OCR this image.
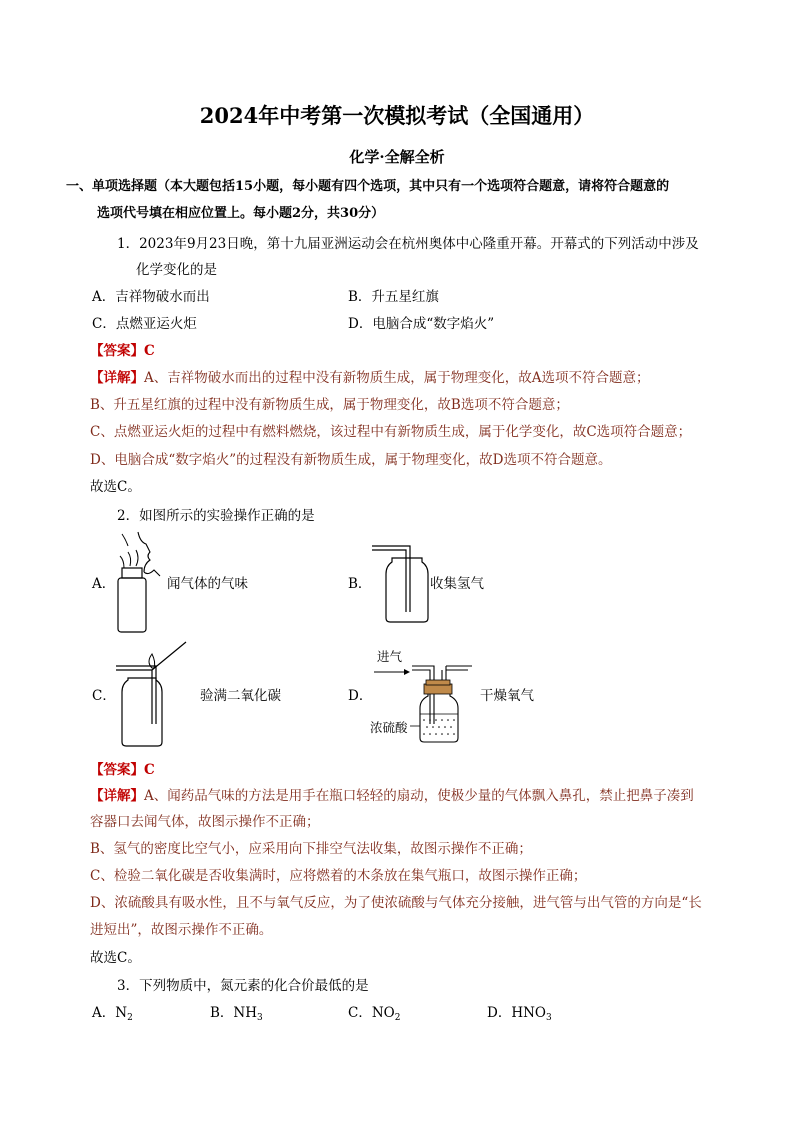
2024年中考第一次模拟考试（全国通用）
化学·全解全析
一、单项选择题（本大题包括15小题，每小题有四个选项，其中只有一个选项符合题意，请将符合题意的
选项代号填在相应位置上。每小题2分，共30分）
1．2023年9月23日晚，第十九届亚洲运动会在杭州奥体中心隆重开幕。开幕式的下列活动中涉及
化学变化的是
A．吉祥物破水而出	B．升五星红旗
C．点燃亚运火炬	D．电脑合成“数字焰火”
【答案】C
【详解】A、吉祥物破水而出的过程中没有新物质生成，属于物理变化，故A选项不符合题意；
B、升五星红旗的过程中没有新物质生成，属于物理变化，故B选项不符合题意；
C、点燃亚运火炬的过程中有燃料燃烧，该过程中有新物质生成，属于化学变化，故C选项符合题意；
D、电脑合成“数字焰火”的过程没有新物质生成，属于物理变化，故D选项不符合题意。
故选C。
2．如图所示的实验操作正确的是
A．	闻气体的气味	B．	收集氢气
C．	验满二氧化碳	D．
进气
浓硫酸
干燥氧气
【答案】C
【详解】A、闻药品气味的方法是用手在瓶口轻轻的扇动，使极少量的气体飘入鼻孔，禁止把鼻子凑到
容器口去闻气体，故图示操作不正确；
B、氢气的密度比空气小，应采用向下排空气法收集，故图示操作不正确；
C、检验二氧化碳是否收集满时，应将燃着的木条放在集气瓶口，故图示操作正确；
D、浓硫酸具有吸水性，且不与氧气反应，为了使浓硫酸与气体充分接触，进气管与出气管的方向是“长
进短出”，故图示操作不正确。
故选C。
3．下列物质中，氮元素的化合价最低的是
A．$N_2$	B．$NH_3$	C．$NO_2$	D．$HNO_3$
